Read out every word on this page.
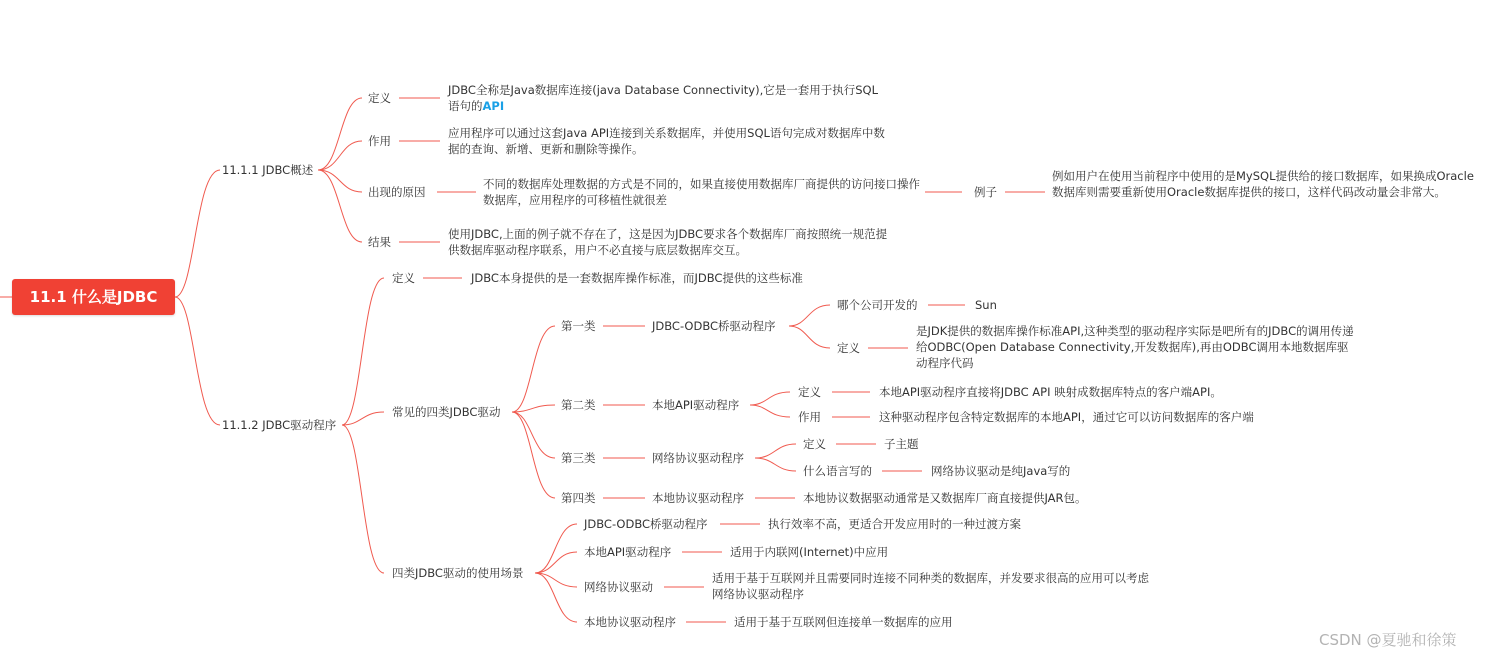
11.1 什么是JDBC
11.1.1 JDBC概述
定义
JDBC全称是Java数据库连接(java Database Connectivity),它是一套用于执行SQL语句的API
作用
应用程序可以通过这套Java API连接到关系数据库，并使用SQL语句完成对数据库中数据的查询、新增、更新和删除等操作。
出现的原因
不同的数据库处理数据的方式是不同的，如果直接使用数据库厂商提供的访问接口操作数据库，应用程序的可移植性就很差
例子
例如用户在使用当前程序中使用的是MySQL提供给的接口数据库，如果换成Oracle数据库则需要重新使用Oracle数据库提供的接口，这样代码改动量会非常大。
结果
使用JDBC,上面的例子就不存在了，这是因为JDBC要求各个数据库厂商按照统一规范提供数据库驱动程序联系，用户不必直接与底层数据库交互。
11.1.2 JDBC驱动程序
定义	JDBC本身提供的是一套数据库操作标准，而JDBC提供的这些标准
常见的四类JDBC驱动
第一类	JDBC-ODBC桥驱动程序
哪个公司开发的	Sun
定义
是JDK提供的数据库操作标准API,这种类型的驱动程序实际是吧所有的JDBC的调用传递给ODBC(Open Database Connectivity,开发数据库),再由ODBC调用本地数据库驱动程序代码
第二类	本地API驱动程序
定义	本地API驱动程序直接将JDBC API 映射成数据库特点的客户端API。
作用	这种驱动程序包含特定数据库的本地API，通过它可以访问数据库的客户端
第三类	网络协议驱动程序
定义	子主题
什么语言写的	网络协议驱动是纯Java写的
第四类	本地协议驱动程序	本地协议数据驱动通常是又数据库厂商直接提供JAR包。
四类JDBC驱动的使用场景
JDBC-ODBC桥驱动程序	执行效率不高，更适合开发应用时的一种过渡方案
本地API驱动程序	适用于内联网(Internet)中应用
网络协议驱动
适用于基于互联网并且需要同时连接不同种类的数据库，并发要求很高的应用可以考虑网络协议驱动程序
本地协议驱动程序	适用于基于互联网但连接单一数据库的应用
CSDN @夏驰和徐策
